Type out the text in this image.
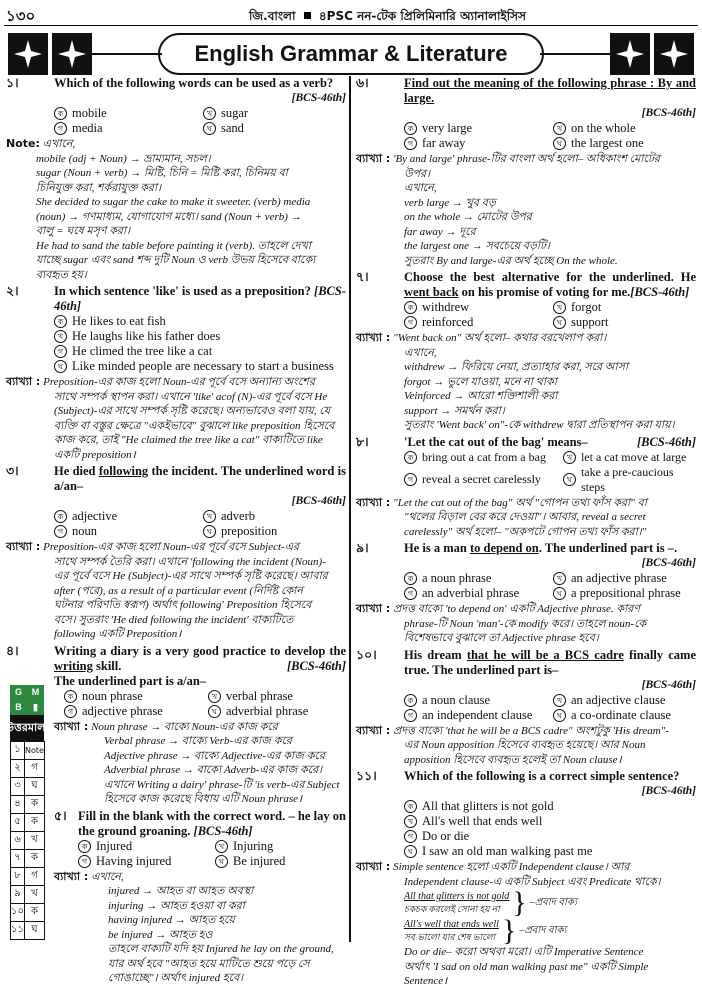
১৩০	জি.বাংলা ৪PSC নন-টেক প্রিলিমিনারি অ্যানালাইসিস
English Grammar & Literature
১।	Which of the following words can be used as a verb?
[BCS-46th]
ক mobile	খ sugar
গ media	ঘ sand
Note: এখানে,
mobile (adj + Noun) → ভ্রাম্যমান, সচল।
sugar (Noun + verb) → মিষ্টি, চিনি = মিষ্টি করা, চিনিময় বা
চিনিযুক্ত করা, শর্করাযুক্ত করা।
She decided to sugar the cake to make it sweeter. (verb) media
(noun) → গণমাধ্যম, যোগাযোগ মধ্যে। sand (Noun + verb) →
বালু = ঘষে মসৃণ করা।
He had to sand the table before painting it (verb). তাহলে দেখা
যাচ্ছে sugar এবং sand শব্দ দুটি Noun ও verb উভয় হিসেবে বাক্যে
ব্যবহৃত হয়।
২।	In which sentence 'like' is used as a preposition? [BCS-46th]
ক He likes to eat fish
খ He laughs like his father does
গ He climed the tree like a cat
ঘ Like minded people are necessary to start a business
ব্যাখ্যা : Preposition-এর কাজ হলো Noun-এর পূর্বে বসে অন্যান্য অংশের
সাথে সম্পর্ক স্থাপন করা। এখানে 'like' acof (N)-এর পূর্বে বসে He
(Subject)-এর সাথে সম্পর্ক সৃষ্টি করেছে। অন্যভাবেও বলা যায়, যে
ব্যক্তি বা বস্তুর ক্ষেত্রে "একইভাবে" বুঝালে like preposition হিসেবে
কাজ করে, তাই "He claimed the tree like a cat" বাক্যটিতে like
একটি preposition।
৩।	He died following the incident. The underlined word is a/an–
[BCS-46th]
ক adjective	খ adverb
গ noun	ঘ preposition
ব্যাখ্যা : Preposition-এর কাজ হলো Noun-এর পূর্বে বসে Subject-এর
সাথে সম্পর্ক তৈরি করা। এখানে 'following the incident (Noun)-
এর পূর্বে বসে He (Subject)-এর সাথে সম্পর্ক সৃষ্টি করেছে। আবার
after (পরে), as a result of a particular event (নির্দিষ্ট কোন
ঘটনার পরিণতি স্বরূপ) অর্থাৎ following' Preposition হিসেবে
বসে। সুতরাং 'He died following the incident' বাক্যটিতে
following একটি Preposition।
৪।	Writing a diary is a very good practice to develop the writing skill.	[BCS-46th]
The underlined part is a/an–
ক noun phrase	খ verbal phrase
গ adjective phrase	ঘ adverbial phrase
ব্যাখ্যা : Noun phrase → বাক্যে Noun-এর কাজ করে
Verbal phrase → বাক্যে Verb-এর কাজ করে
Adjective phrase → বাক্যে Adjective-এর কাজ করে
Adverbial phrase → বাক্যে Adverb-এর কাজ করে।
এখানে Writing a dairy' phrase-টি 'is verb-এর Subject
হিসেবে কাজ করেছে বিধায় এটি Noun phrase।
৫। Fill in the blank with the correct word. – he lay on the ground groaning. [BCS-46th]
ক Injured	খ Injuring
গ Having injured	ঘ Be injured
ব্যাখ্যা : এখানে,
injured → আহত বা আহত অবস্থা
injuring → আহত হওয়া বা করা
having injured → আহত হয়ে
be injured → আহত হও
তাহলে বাক্যটি যদি হয় Injured he lay on the ground,
যার অর্থ হবে "আহত হয়ে মাটিতে শুয়ে পড়ে সে
গোঙাচ্ছে"। অর্থাৎ injured হবে।
G	M
B	▮
উত্তরমালা
১	Note
২	গ
৩	ঘ
৪	ক
৫	ক
৬	খ
৭	ক
৮	গ
৯	খ
১০	ক
১১	ঘ
৬।	Find out the meaning of the following phrase : By and large.
[BCS-46th]
ক very large	খ on the whole
গ far away	ঘ the largest one
ব্যাখ্যা : 'By and large' phrase-টির বাংলা অর্থ হলো– অধিকাংশ মোটের
উপর।
এখানে,
verb large → খুব বড়
on the whole → মোটের উপর
far away → দূরে
the largest one → সবচেয়ে বড়টি।
সুতরাং By and large-এর অর্থ হচ্ছে On the whole.
৭।	Choose the best alternative for the underlined. He went back on his promise of voting for me.[BCS-46th]
ক withdrew	খ forgot
গ reinforced	ঘ support
ব্যাখ্যা : "Went back on" অর্থ হলো– কথার বরখেলাপ করা।
এখানে,
withdrew → ফিরিয়ে নেয়া, প্রত্যাহার করা, সরে আসা
forgot → ভুলে যাওয়া, মনে না থাকা
Veinforced → আরো শক্তিশালী করা
support → সমর্থন করা।
সুতরাং 'Went back' on"-কে withdrew দ্বারা প্রতিস্থাপন করা যায়।
৮।	'Let the cat out of the bag' means–	[BCS-46th]
ক bring out a cat from a bag	খ let a cat move at large
গ reveal a secret carelessly	ঘ
take a pre-caucious steps
ব্যাখ্যা : "Let the cat out of the bag" অর্থ "গোপন তথ্য ফাঁস করা" বা
"থলের বিড়াল বের করে দেওয়া"। আবার, reveal a secret
carelessly" অর্থ হলো– "অকপটে গোপন তথ্য ফাঁস করা।"
৯।	He is a man to depend on. The underlined part is –.
[BCS-46th]
ক a noun phrase	খ an adjective phrase
গ an adverbial phrase	ঘ a prepositional phrase
ব্যাখ্যা : প্রদত্ত বাক্যে 'to depend on' একটি Adjective phrase. কারণ
phrase-টি Noun 'man'-কে modify করে। তাহলে noun-কে
বিশেষভাবে বুঝালে তা Adjective phrase হবে।
১০। His dream that he will be a BCS cadre finally came true. The underlined part is–
[BCS-46th]
ক a noun clause	খ an adjective clause
গ an independent clause	ঘ a co-ordinate clause
ব্যাখ্যা : প্রদত্ত বাক্যে 'that he will be a BCS cadre" অংশটুকু 'His dream"-
এর Noun apposition হিসেবে ব্যবহৃত হয়েছে। আর Noun
apposition হিসেবে ব্যবহৃত হলেই তা Noun clause।
১১। Which of the following is a correct simple sentence?
[BCS-46th]
ক All that glitters is not gold
খ All's well that ends well
গ Do or die
ঘ I saw an old man walking past me
ব্যাখ্যা : Simple sentence হলো একটি Independent clause। আর
Independent clause-এ একটি Subject এবং Predicate থাকে।
All that glitters is not gold
চকচক করলেই সোনা হয় না } –প্রবাদ বাক্য

All's well that ends well
সব ভালো যার শেষ ভালো } –প্রবাদ বাক্য
Do or die– করো অথবা মরো। এটি Imperative Sentence
অর্থাৎ 'I sad on old man walking past me" একটি Simple
Sentence।
